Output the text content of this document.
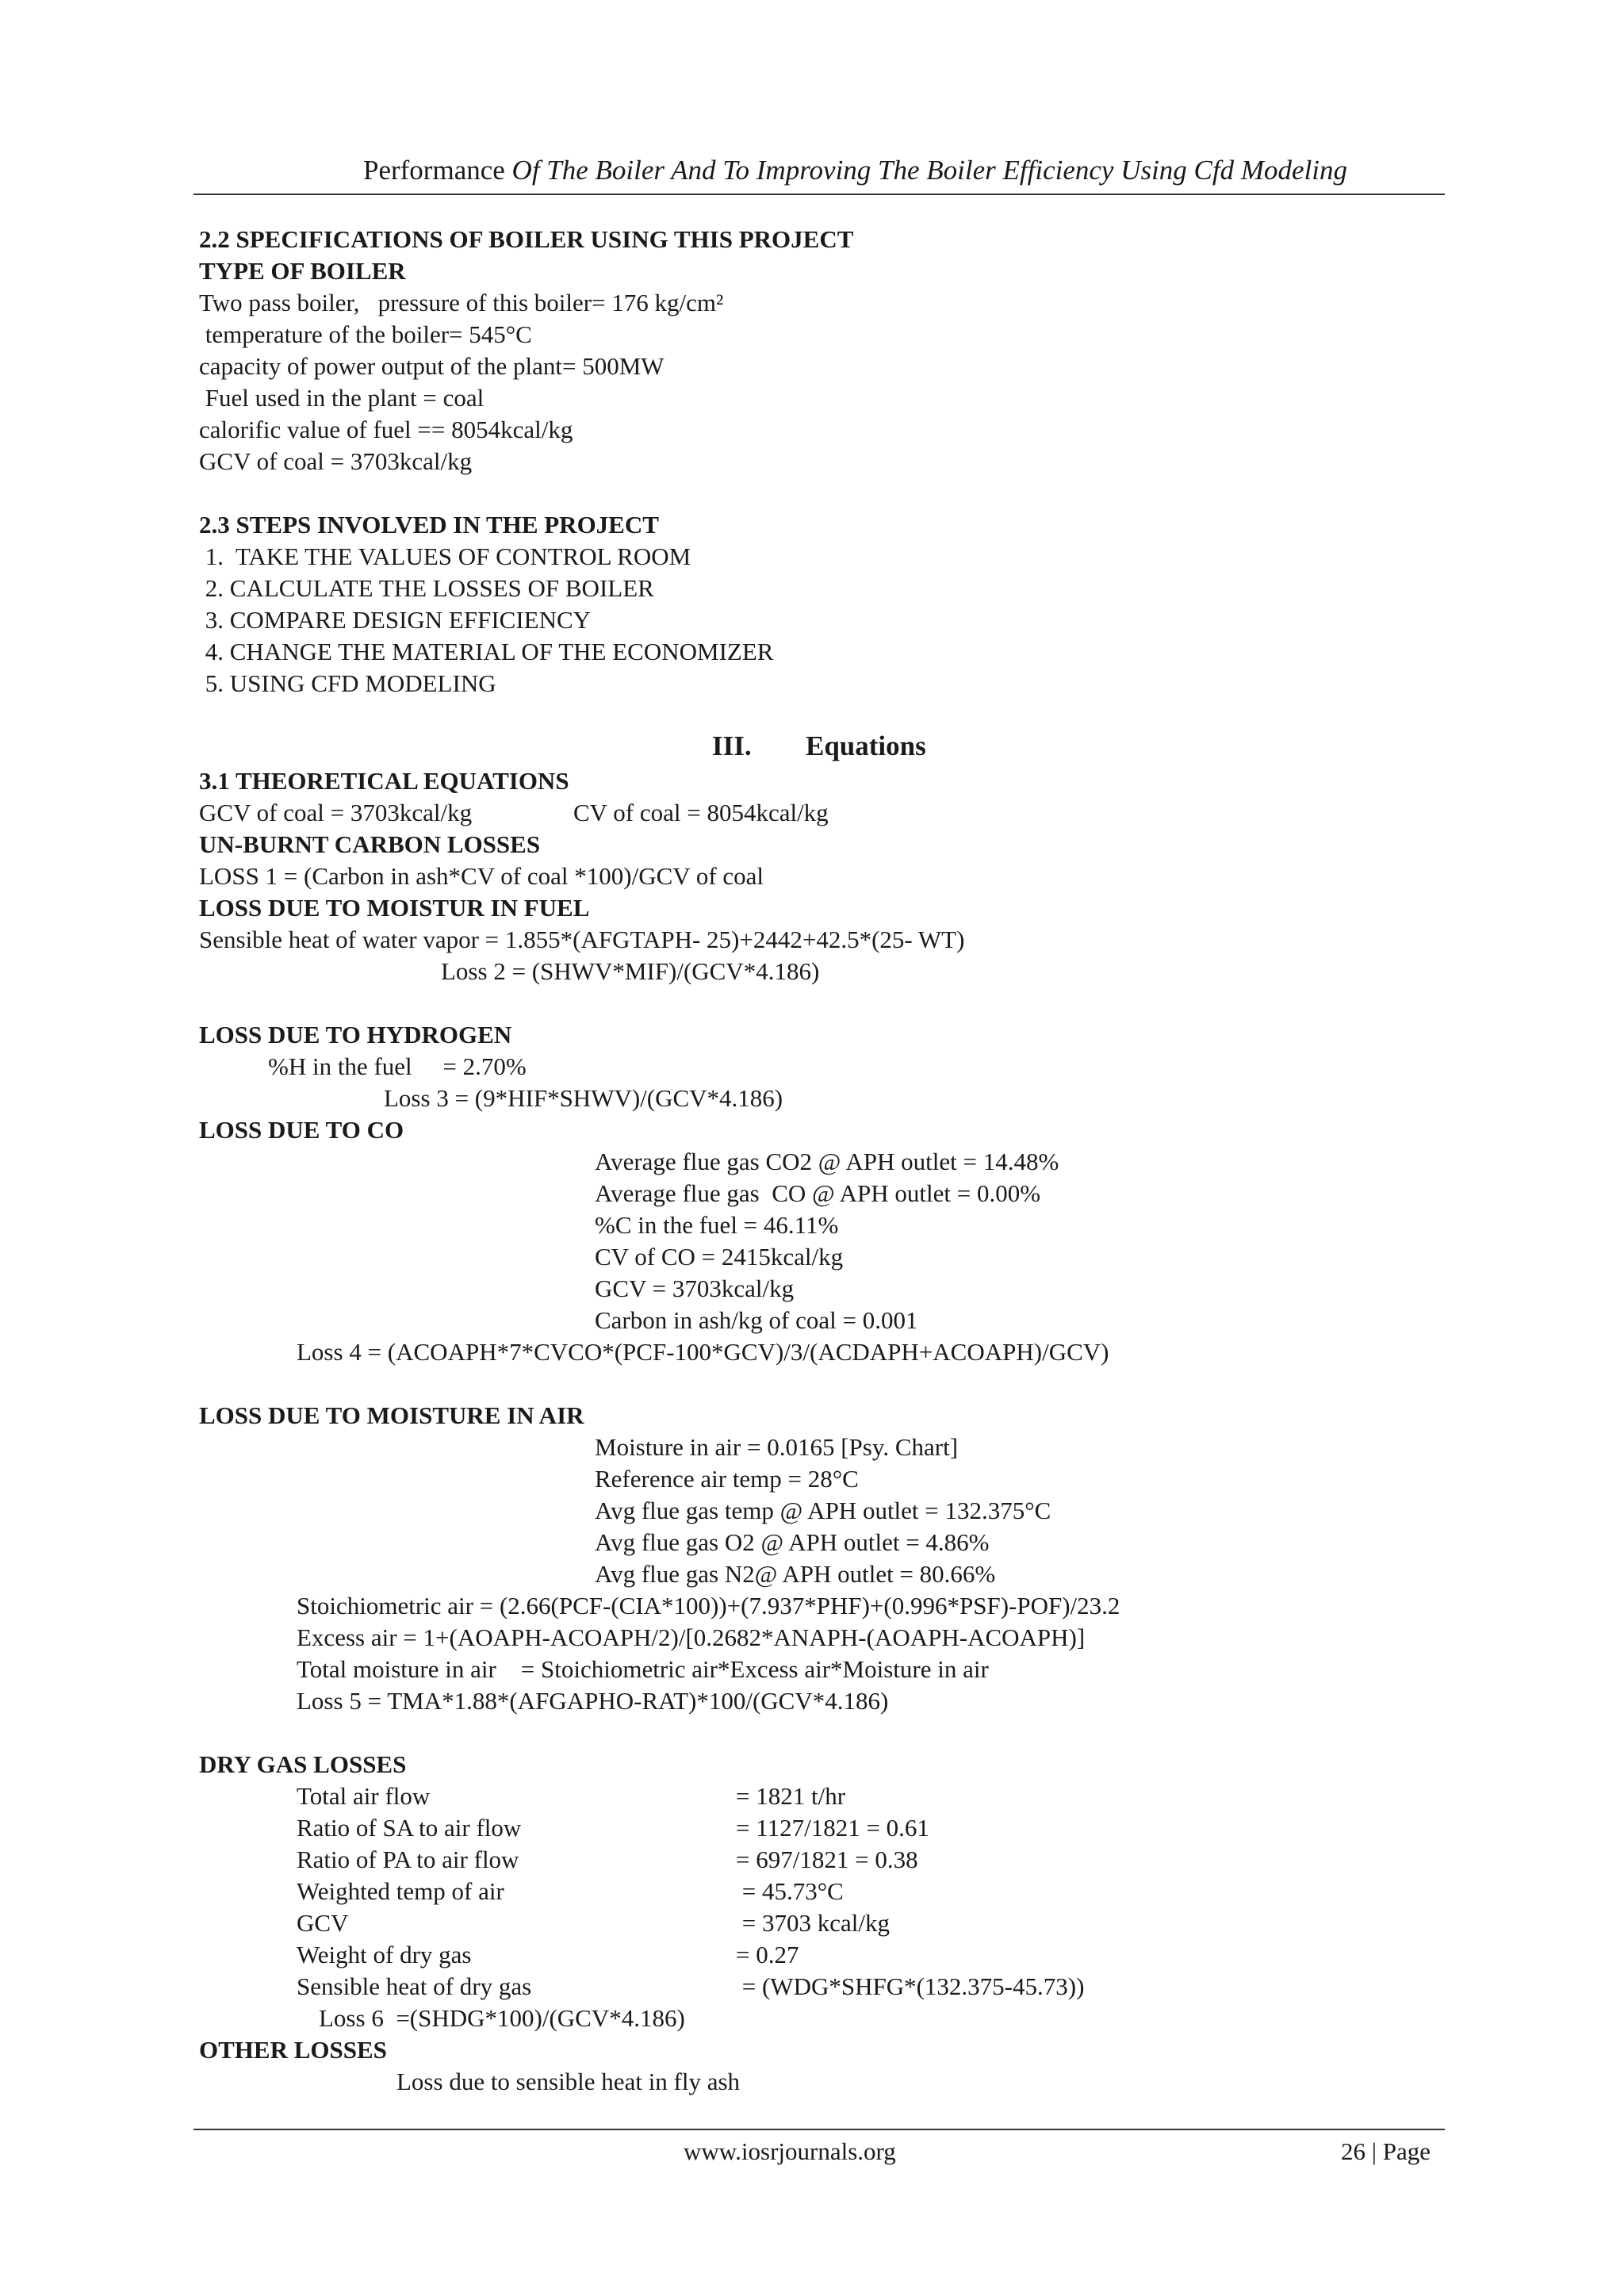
Performance Of The Boiler And To Improving The Boiler Efficiency Using Cfd Modeling
2.2 SPECIFICATIONS OF BOILER USING THIS PROJECT
TYPE OF BOILER
Two pass boiler,   pressure of this boiler= 176 kg/cm²
temperature of the boiler= 545°C
capacity of power output of the plant= 500MW
Fuel used in the plant = coal
calorific value of fuel == 8054kcal/kg
GCV of coal = 3703kcal/kg
2.3 STEPS INVOLVED IN THE PROJECT
1.  TAKE THE VALUES OF CONTROL ROOM
2. CALCULATE THE LOSSES OF BOILER
3. COMPARE DESIGN EFFICIENCY
4. CHANGE THE MATERIAL OF THE ECONOMIZER
5. USING CFD MODELING
III. Equations
3.1 THEORETICAL EQUATIONS
GCV of coal = 3703kcal/kg	CV of coal = 8054kcal/kg
UN-BURNT CARBON LOSSES
LOSS 1 = (Carbon in ash*CV of coal *100)/GCV of coal
LOSS DUE TO MOISTUR IN FUEL
Sensible heat of water vapor = 1.855*(AFGTAPH- 25)+2442+42.5*(25- WT)
Loss 2 = (SHWV*MIF)/(GCV*4.186)
LOSS DUE TO HYDROGEN
%H in the fuel     = 2.70%
Loss 3 = (9*HIF*SHWV)/(GCV*4.186)
LOSS DUE TO CO
Average flue gas CO2 @ APH outlet = 14.48%
Average flue gas  CO @ APH outlet = 0.00%
%C in the fuel = 46.11%
CV of CO = 2415kcal/kg
GCV = 3703kcal/kg
Carbon in ash/kg of coal = 0.001
Loss 4 = (ACOAPH*7*CVCO*(PCF-100*GCV)/3/(ACDAPH+ACOAPH)/GCV)
LOSS DUE TO MOISTURE IN AIR
Moisture in air = 0.0165 [Psy. Chart]
Reference air temp = 28°C
Avg flue gas temp @ APH outlet = 132.375°C
Avg flue gas O2 @ APH outlet = 4.86%
Avg flue gas N2@ APH outlet = 80.66%
Stoichiometric air = (2.66(PCF-(CIA*100))+(7.937*PHF)+(0.996*PSF)-POF)/23.2
Excess air = 1+(AOAPH-ACOAPH/2)/[0.2682*ANAPH-(AOAPH-ACOAPH)]
Total moisture in air    = Stoichiometric air*Excess air*Moisture in air
Loss 5 = TMA*1.88*(AFGAPHO-RAT)*100/(GCV*4.186)
DRY GAS LOSSES
Total air flow	= 1821 t/hr
Ratio of SA to air flow	= 1127/1821 = 0.61
Ratio of PA to air flow	= 697/1821 = 0.38
Weighted temp of air	= 45.73°C
GCV	= 3703 kcal/kg
Weight of dry gas	= 0.27
Sensible heat of dry gas	= (WDG*SHFG*(132.375-45.73))
Loss 6  =(SHDG*100)/(GCV*4.186)
OTHER LOSSES
Loss due to sensible heat in fly ash
www.iosrjournals.org	26 | Page
